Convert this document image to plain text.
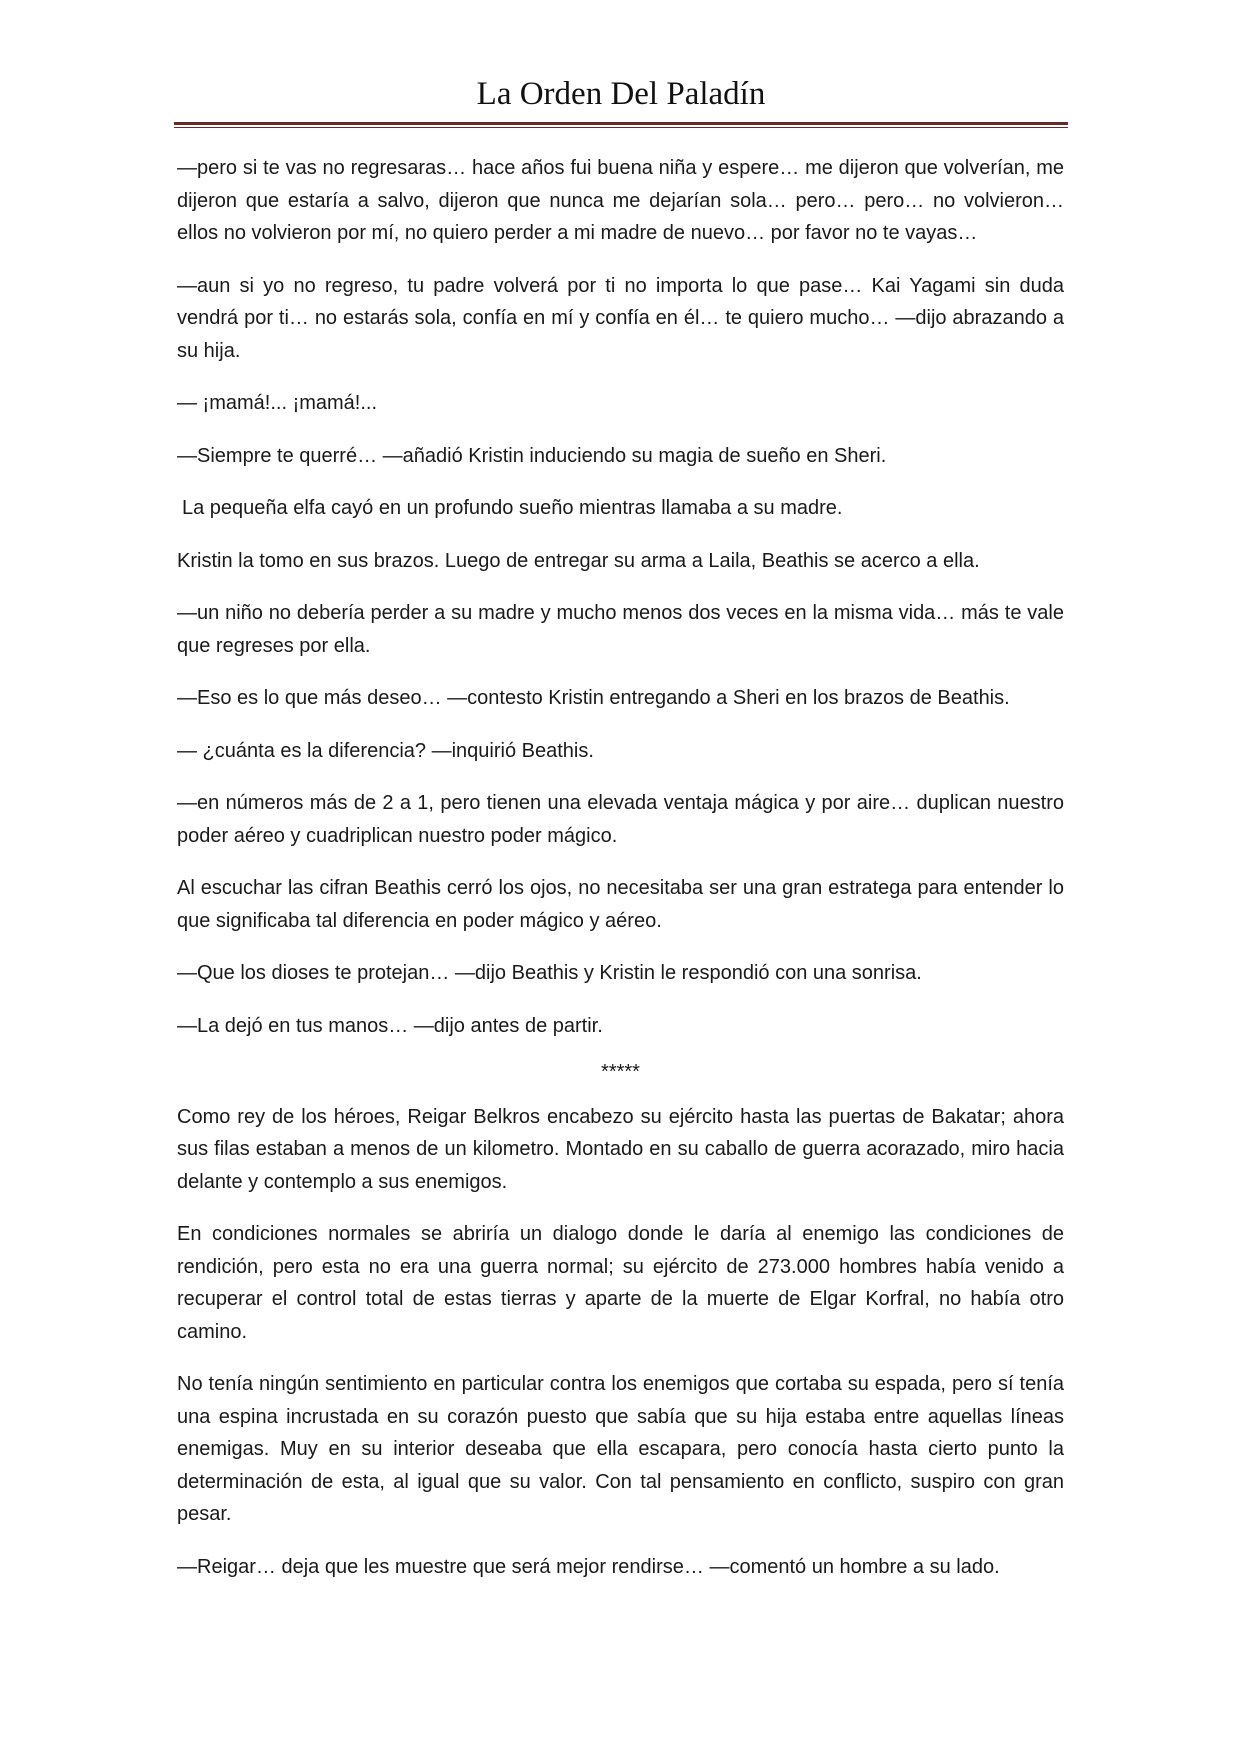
La Orden Del Paladín

—pero si te vas no regresaras… hace años fui buena niña y espere… me dijeron que volverían, me dijeron que estaría a salvo, dijeron que nunca me dejarían sola… pero… pero… no volvieron… ellos no volvieron por mí, no quiero perder a mi madre de nuevo… por favor no te vayas…

—aun si yo no regreso, tu padre volverá por ti no importa lo que pase… Kai Yagami sin duda vendrá por ti… no estarás sola, confía en mí y confía en él… te quiero mucho… —dijo abrazando a su hija.

— ¡mamá!... ¡mamá!...

—Siempre te querré… —añadió Kristin induciendo su magia de sueño en Sheri.

La pequeña elfa cayó en un profundo sueño mientras llamaba a su madre.

Kristin la tomo en sus brazos. Luego de entregar su arma a Laila, Beathis se acerco a ella.

—un niño no debería perder a su madre y mucho menos dos veces en la misma vida… más te vale que regreses por ella.

—Eso es lo que más deseo… —contesto Kristin entregando a Sheri en los brazos de Beathis.

— ¿cuánta es la diferencia? —inquirió Beathis.

—en números más de 2 a 1, pero tienen una elevada ventaja mágica y por aire… duplican nuestro poder aéreo y cuadriplican nuestro poder mágico.

Al escuchar las cifran Beathis cerró los ojos, no necesitaba ser una gran estratega para entender lo que significaba tal diferencia en poder mágico y aéreo.

—Que los dioses te protejan… —dijo Beathis y Kristin le respondió con una sonrisa.

—La dejó en tus manos… —dijo antes de partir.

*****

Como rey de los héroes, Reigar Belkros encabezo su ejército hasta las puertas de Bakatar; ahora sus filas estaban a menos de un kilometro. Montado en su caballo de guerra acorazado, miro hacia delante y contemplo a sus enemigos.

En condiciones normales se abriría un dialogo donde le daría al enemigo las condiciones de rendición, pero esta no era una guerra normal; su ejército de 273.000 hombres había venido a recuperar el control total de estas tierras y aparte de la muerte de Elgar Korfral, no había otro camino.

No tenía ningún sentimiento en particular contra los enemigos que cortaba su espada, pero sí tenía una espina incrustada en su corazón puesto que sabía que su hija estaba entre aquellas líneas enemigas. Muy en su interior deseaba que ella escapara, pero conocía hasta cierto punto la determinación de esta, al igual que su valor. Con tal pensamiento en conflicto, suspiro con gran pesar.

—Reigar… deja que les muestre que será mejor rendirse… —comentó un hombre a su lado.
